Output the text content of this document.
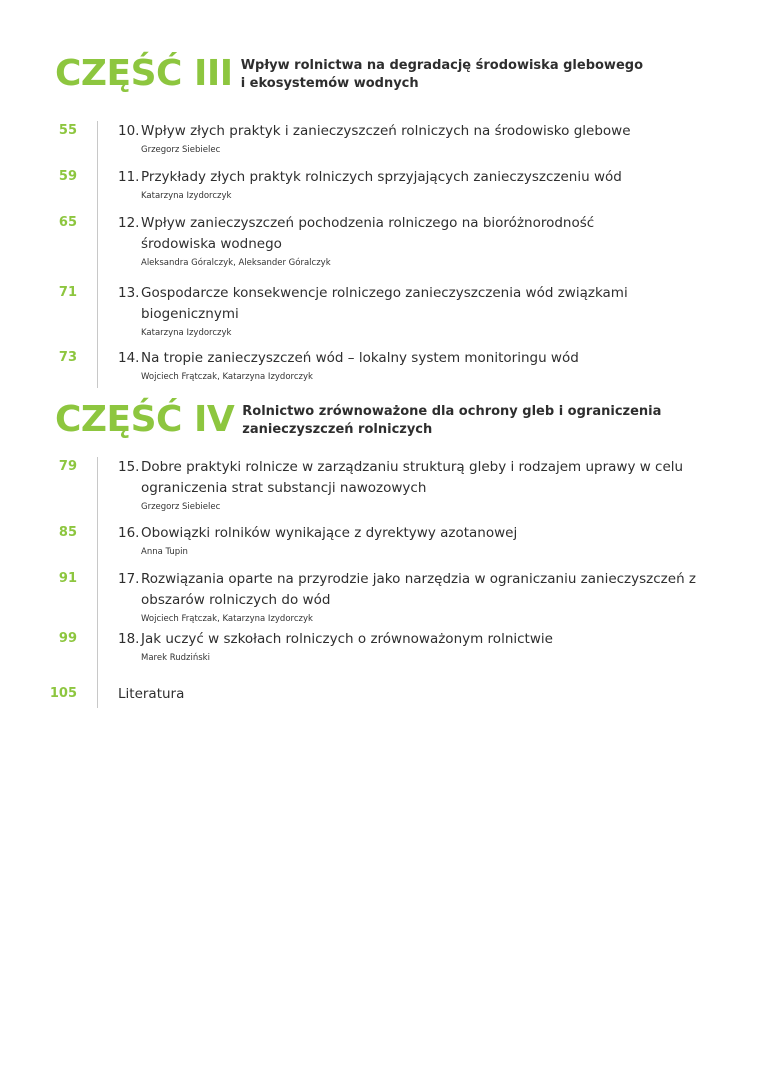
CZĘŚĆ III Wpływ rolnictwa na degradację środowiska glebowego
i ekosystemów wodnych
55	10. Wpływ złych praktyk i zanieczyszczeń rolniczych na środowisko glebowe
Grzegorz Siebielec
59	11. Przykłady złych praktyk rolniczych sprzyjających zanieczyszczeniu wód
Katarzyna Izydorczyk
65	12. Wpływ zanieczyszczeń pochodzenia rolniczego na bioróżnorodność środowiska wodnego
Aleksandra Góralczyk, Aleksander Góralczyk
71	13. Gospodarcze konsekwencje rolniczego zanieczyszczenia wód związkami biogenicznymi
Katarzyna Izydorczyk
73	14. Na tropie zanieczyszczeń wód – lokalny system monitoringu wód
Wojciech Frątczak, Katarzyna Izydorczyk
CZĘŚĆ IV Rolnictwo zrównoważone dla ochrony gleb i ograniczenia
zanieczyszczeń rolniczych
79	15. Dobre praktyki rolnicze w zarządzaniu strukturą gleby i rodzajem uprawy w celu ograniczenia strat substancji nawozowych
Grzegorz Siebielec
85	16. Obowiązki rolników wynikające z dyrektywy azotanowej
Anna Tupin
91	17. Rozwiązania oparte na przyrodzie jako narzędzia w ograniczaniu zanieczyszczeń z obszarów rolniczych do wód
Wojciech Frątczak, Katarzyna Izydorczyk
99	18. Jak uczyć w szkołach rolniczych o zrównoważonym rolnictwie
Marek Rudziński
105	Literatura
